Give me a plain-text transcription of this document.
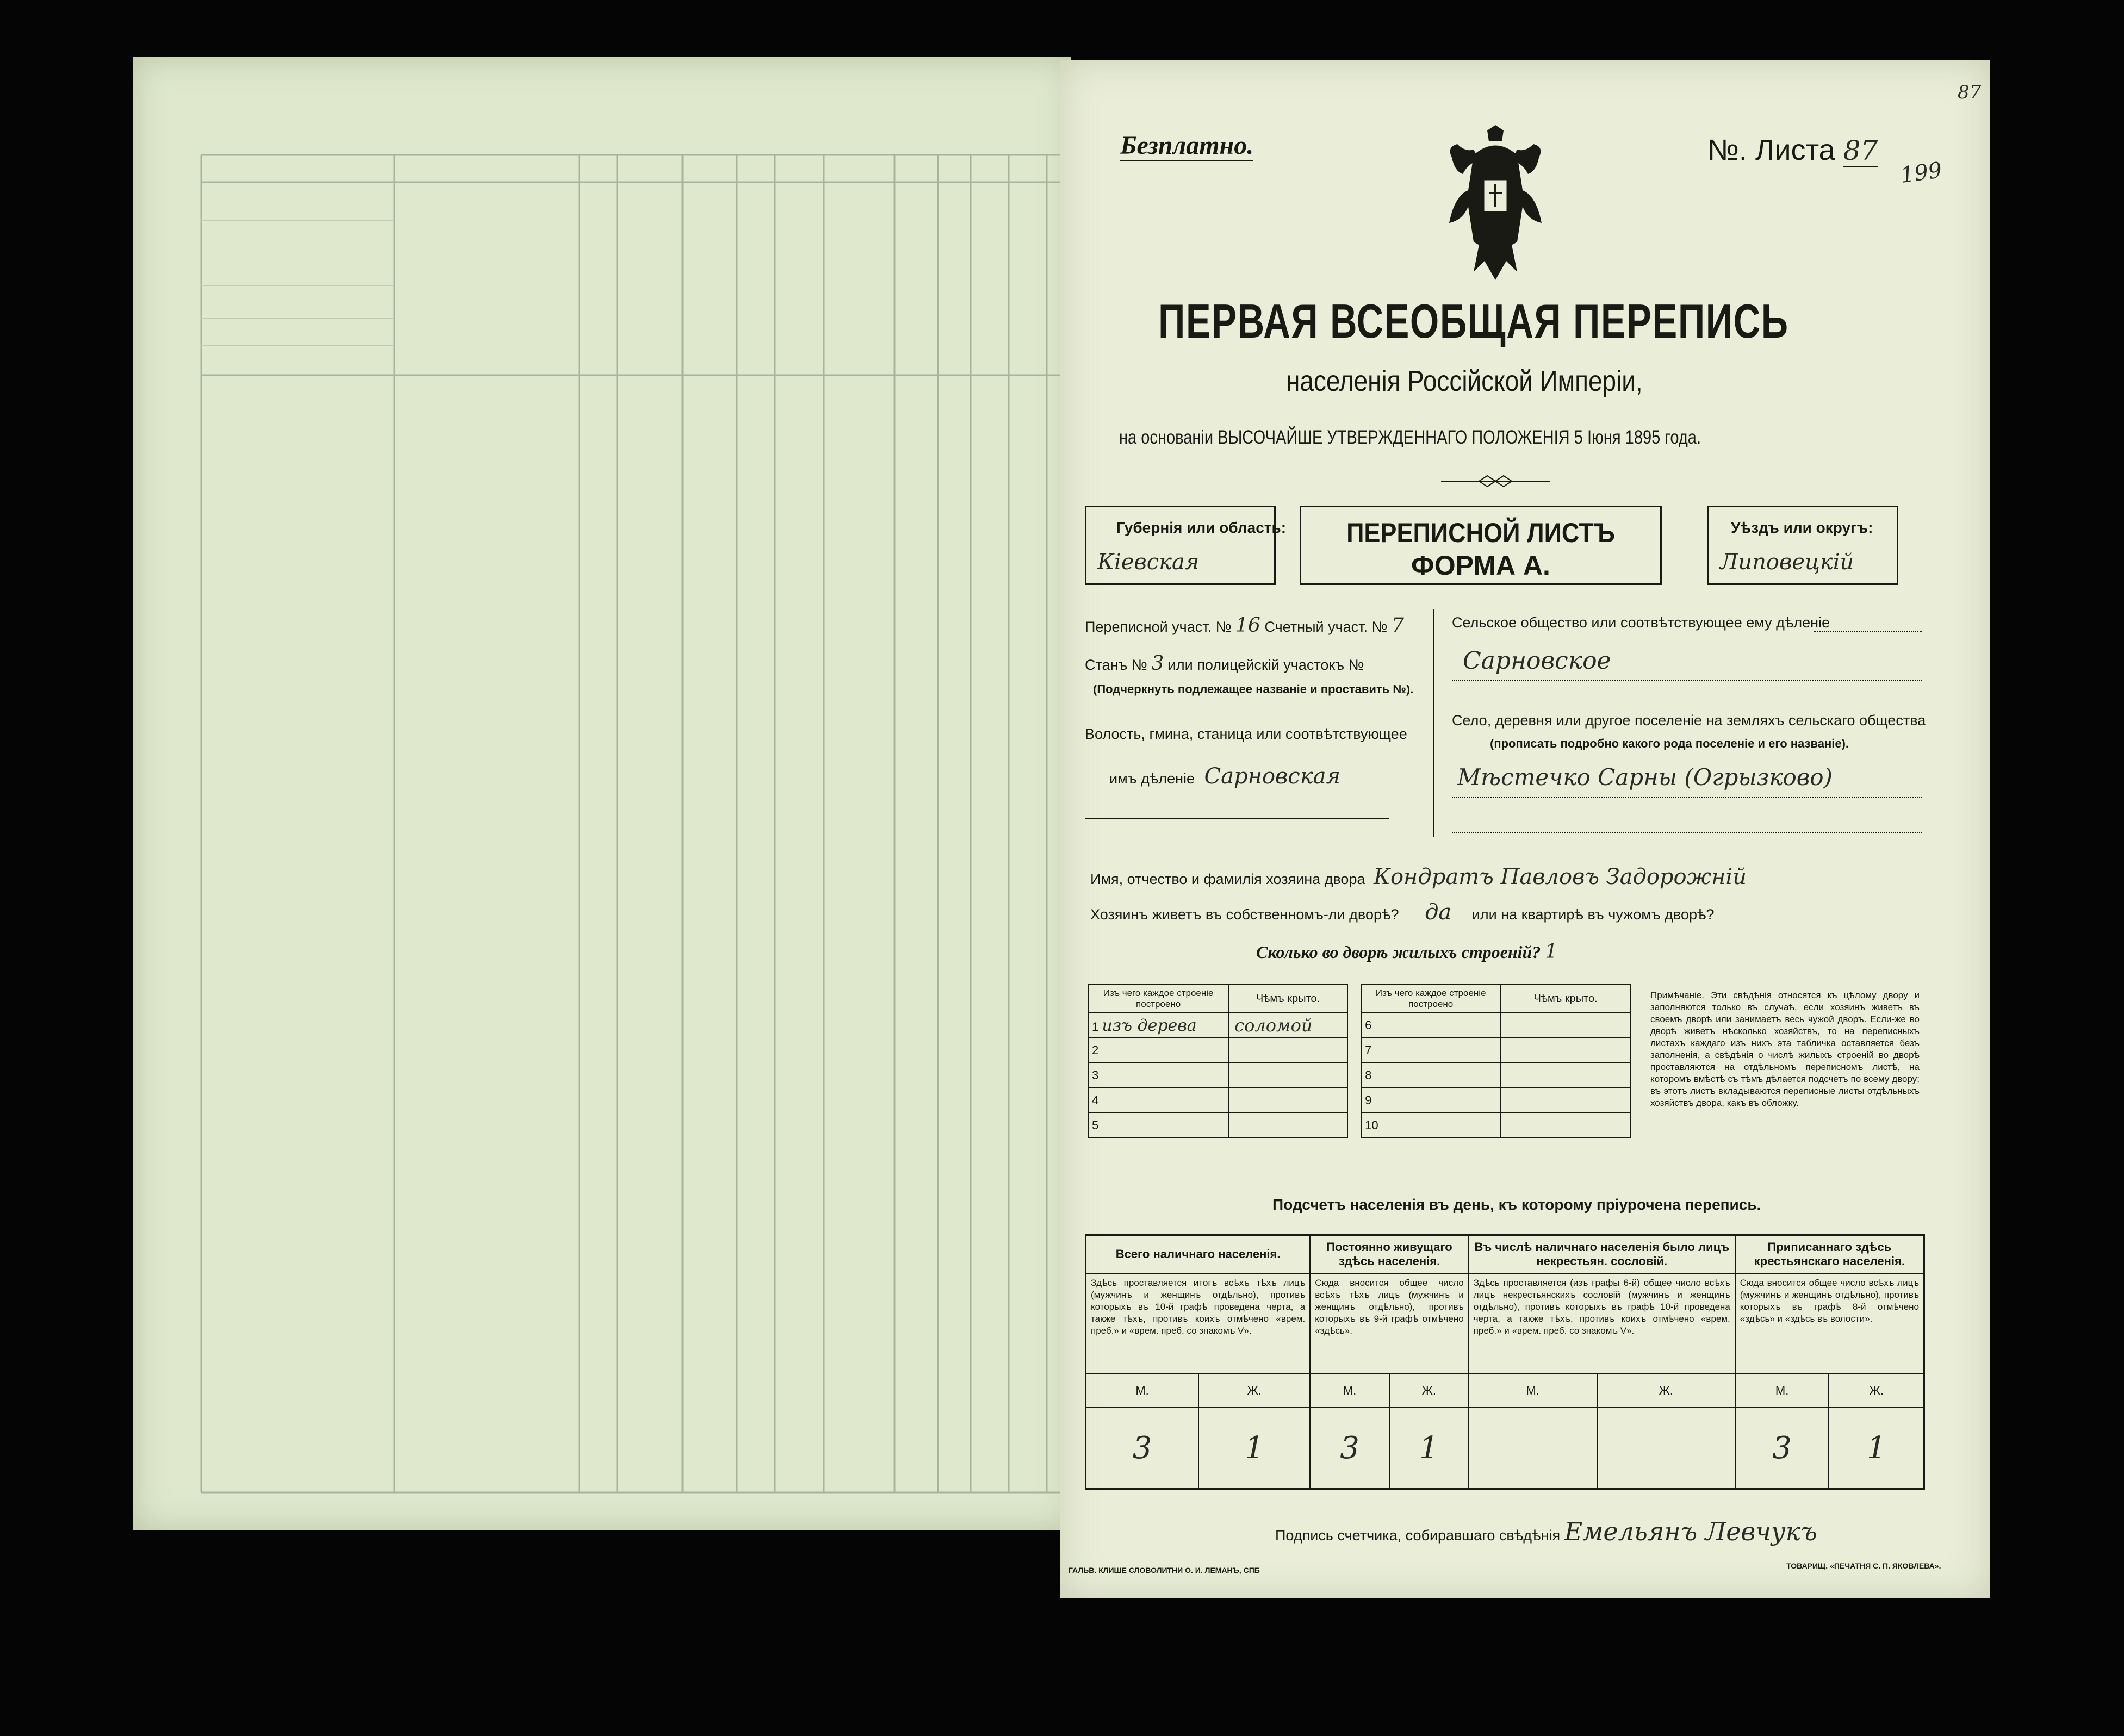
87
Безплатно.	№. Листа 87
199
ПЕРВАЯ ВСЕОБЩАЯ ПЕРЕПИСЬ
населенія Россійской Имперіи,
на основаніи ВЫСОЧАЙШЕ УТВЕРЖДЕННАГО ПОЛОЖЕНІЯ 5 Іюня 1895 года.
Губернія или область:
Кіевская
ПЕРЕПИСНОЙ ЛИСТЪ
ФОРМА А.
Уѣздъ или округъ:
Липовецкій
Переписной участ. № 16 Счетный участ. № 7
Станъ № 3 или полицейскій участокъ №
(Подчеркнуть подлежащее названіе и проставить №).
Волость, гмина, станица или соотвѣтствующее
имъ дѣленіе Сарновская
Сельское общество или соотвѣтствующее ему дѣленіе
Сарновское
Село, деревня или другое поселеніе на земляхъ сельскаго общества
(прописать подробно какого рода поселеніе и его названіе).
Мѣстечко Сарны (Огрызково)
Имя, отчество и фамилія хозяина двора Кондратъ Павловъ Задорожній
Хозяинъ живетъ въ собственномъ-ли дворѣ? да или на квартирѣ въ чужомъ дворѣ?
Сколько во дворѣ жилыхъ строеній? 1
Изъ чего каждое строеніе построено	Чѣмъ крыто.		Изъ чего каждое строеніе построено	Чѣмъ крыто.
1 изъ дерева	соломой		6	
2			7	
3			8	
4			9	
5			10	
Примѣчаніе. Эти свѣдѣнія относятся къ цѣлому двору и заполняются только въ случаѣ, если хозяинъ живетъ въ своемъ дворѣ или занимаетъ весь чужой дворъ. Если-же во дворѣ живетъ нѣсколько хозяйствъ, то на переписныхъ листахъ каждаго изъ нихъ эта табличка оставляется безъ заполненія, а свѣдѣнія о числѣ жилыхъ строеній во дворѣ проставляются на отдѣльномъ переписномъ листѣ, на которомъ вмѣстѣ съ тѣмъ дѣлается подсчетъ по всему двору; въ этотъ листъ вкладываются переписные листы отдѣльныхъ хозяйствъ двора, какъ въ обложку.
Подсчетъ населенія въ день, къ которому пріурочена перепись.
Всего наличнаго населенія.		Постоянно живущаго здѣсь населенія.		Въ числѣ наличнаго населенія было лицъ некрестьян. сословій.		Приписаннаго здѣсь крестьянскаго населенія.	
Здѣсь проставляется итогъ всѣхъ тѣхъ лицъ (мужчинъ и женщинъ отдѣльно), противъ которыхъ въ 10-й графѣ проведена черта, а также тѣхъ, противъ коихъ отмѣчено «врем. преб.» и «врем. преб. со знакомъ V».		Сюда вносится общее число всѣхъ тѣхъ лицъ (мужчинъ и женщинъ отдѣльно), противъ которыхъ въ 9-й графѣ отмѣчено «здѣсь».		Здѣсь проставляется (изъ графы 6-й) общее число всѣхъ лицъ некрестьянскихъ сословій (мужчинъ и женщинъ отдѣльно), противъ которыхъ въ графѣ 10-й проведена черта, а также тѣхъ, противъ коихъ отмѣчено «врем. преб.» и «врем. преб. со знакомъ V».		Сюда вносится общее число всѣхъ лицъ (мужчинъ и женщинъ отдѣльно), противъ которыхъ въ графѣ 8-й отмѣчено «здѣсь» и «здѣсь въ волости».	
М.	Ж.	М.	Ж.	М.	Ж.	М.	Ж.
3	1	3	1			3	1
Подпись счетчика, собиравшаго свѣдѣнія Емельянъ Левчукъ
ГАЛЬВ. КЛИШЕ СЛОВОЛИТНИ О. И. ЛЕМАНЪ, СПБ	ТОВАРИЩ. «ПЕЧАТНЯ С. П. ЯКОВЛЕВА».
